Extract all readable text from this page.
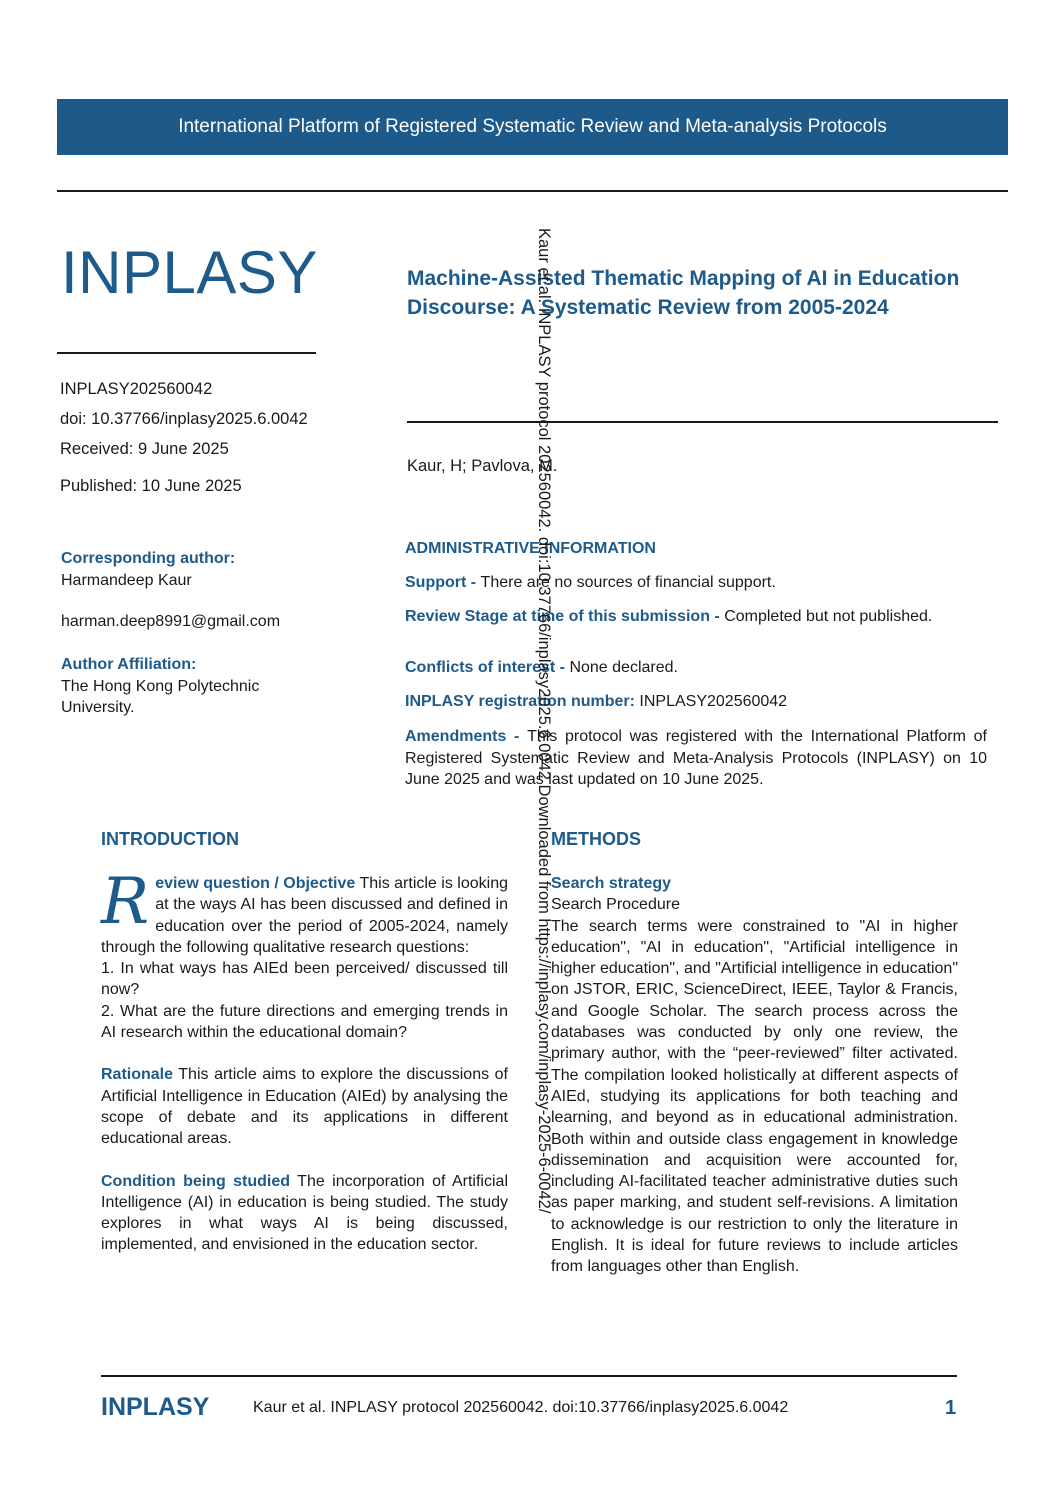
International Platform of Registered Systematic Review and Meta-analysis Protocols
INPLASY	Machine-Assisted Thematic Mapping of AI in Education Discourse: A Systematic Review from 2005-2024
INPLASY202560042
doi: 10.37766/inplasy2025.6.0042
Received: 9 June 2025
Published: 10 June 2025
Kaur, H; Pavlova, M.
Corresponding author:
Harmandeep Kaur
harman.deep8991@gmail.com
Author Affiliation:
The Hong Kong Polytechnic University.
ADMINISTRATIVE INFORMATION
Support - There are no sources of financial support.
Review Stage at time of this submission - Completed but not published.
Conflicts of interest - None declared.
INPLASY registration number: INPLASY202560042
Amendments - This protocol was registered with the International Platform of Registered Systematic Review and Meta-Analysis Protocols (INPLASY) on 10 June 2025 and was last updated on 10 June 2025.
INTRODUCTION	METHODS

Review question / Objective This article is looking at the ways AI has been discussed and defined in education over the period of 2005-2024, namely through the following qualitative research questions:

1. In what ways has AIEd been perceived/ discussed till now?

2. What are the future directions and emerging trends in AI research within the educational domain?

Rationale This article aims to explore the discussions of Artificial Intelligence in Education (AIEd) by analysing the scope of debate and its applications in different educational areas.

Condition being studied The incorporation of Artificial Intelligence (AI) in education is being studied. The study explores in what ways AI is being discussed, implemented, and envisioned in the education sector.

Search strategy

Search Procedure

The search terms were constrained to "AI in higher education", "AI in education", "Artificial intelligence in higher education", and "Artificial intelligence in education" on JSTOR, ERIC, ScienceDirect, IEEE, Taylor & Francis, and Google Scholar. The search process across the databases was conducted by only one review, the primary author, with the “peer-reviewed” filter activated. The compilation looked holistically at different aspects of AIEd, studying its applications for both teaching and learning, and beyond as in educational administration. Both within and outside class engagement in knowledge dissemination and acquisition were accounted for, including AI-facilitated teacher administrative duties such as paper marking, and student self-revisions. A limitation to acknowledge is our restriction to only the literature in English. It is ideal for future reviews to include articles from languages other than English.

Kaur et al. INPLASY protocol 202560042. doi:10.37766/inplasy2025.6.0042 Downloaded from https://inplasy.com/inplasy-2025-6-0042/
INPLASY	Kaur et al. INPLASY protocol 202560042. doi:10.37766/inplasy2025.6.0042	1
